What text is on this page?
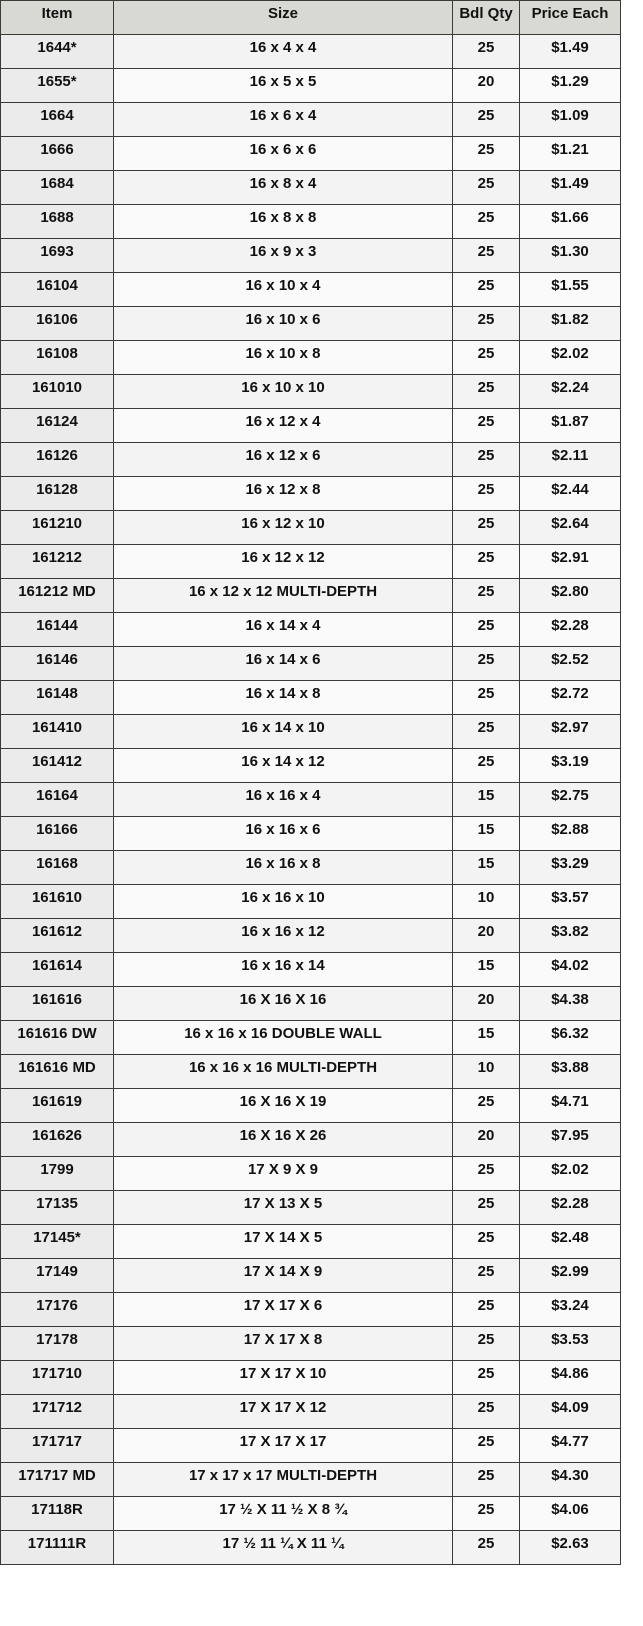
Item	Size	Bdl Qty	Price Each
1644*	16 x 4 x 4	25	$1.49
1655*	16 x 5 x 5	20	$1.29
1664	16 x 6 x 4	25	$1.09
1666	16 x 6 x 6	25	$1.21
1684	16 x 8 x 4	25	$1.49
1688	16 x 8 x 8	25	$1.66
1693	16 x 9 x 3	25	$1.30
16104	16 x 10 x 4	25	$1.55
16106	16 x 10 x 6	25	$1.82
16108	16 x 10 x 8	25	$2.02
161010	16 x 10 x 10	25	$2.24
16124	16 x 12 x 4	25	$1.87
16126	16 x 12 x 6	25	$2.11
16128	16 x 12 x 8	25	$2.44
161210	16 x 12 x 10	25	$2.64
161212	16 x 12 x 12	25	$2.91
161212 MD	16 x 12 x 12 MULTI-DEPTH	25	$2.80
16144	16 x 14 x 4	25	$2.28
16146	16 x 14 x 6	25	$2.52
16148	16 x 14 x 8	25	$2.72
161410	16 x 14 x 10	25	$2.97
161412	16 x 14 x 12	25	$3.19
16164	16 x 16 x 4	15	$2.75
16166	16 x 16 x 6	15	$2.88
16168	16 x 16 x 8	15	$3.29
161610	16 x 16 x 10	10	$3.57
161612	16 x 16 x 12	20	$3.82
161614	16 x 16 x 14	15	$4.02
161616	16 X 16 X 16	20	$4.38
161616 DW	16 x 16 x 16 DOUBLE WALL	15	$6.32
161616 MD	16 x 16 x 16 MULTI-DEPTH	10	$3.88
161619	16 X 16 X 19	25	$4.71
161626	16 X 16 X 26	20	$7.95
1799	17 X 9 X 9	25	$2.02
17135	17 X 13 X 5	25	$2.28
17145*	17 X 14 X 5	25	$2.48
17149	17 X 14 X 9	25	$2.99
17176	17 X 17 X 6	25	$3.24
17178	17 X 17 X 8	25	$3.53
171710	17 X 17 X 10	25	$4.86
171712	17 X 17 X 12	25	$4.09
171717	17 X 17 X 17	25	$4.77
171717 MD	17 x 17 x 17 MULTI-DEPTH	25	$4.30
17118R	17 ½ X 11 ½ X 8 ¾	25	$4.06
171111R	17 ½ 11 ¼ X 11 ¼	25	$2.63
